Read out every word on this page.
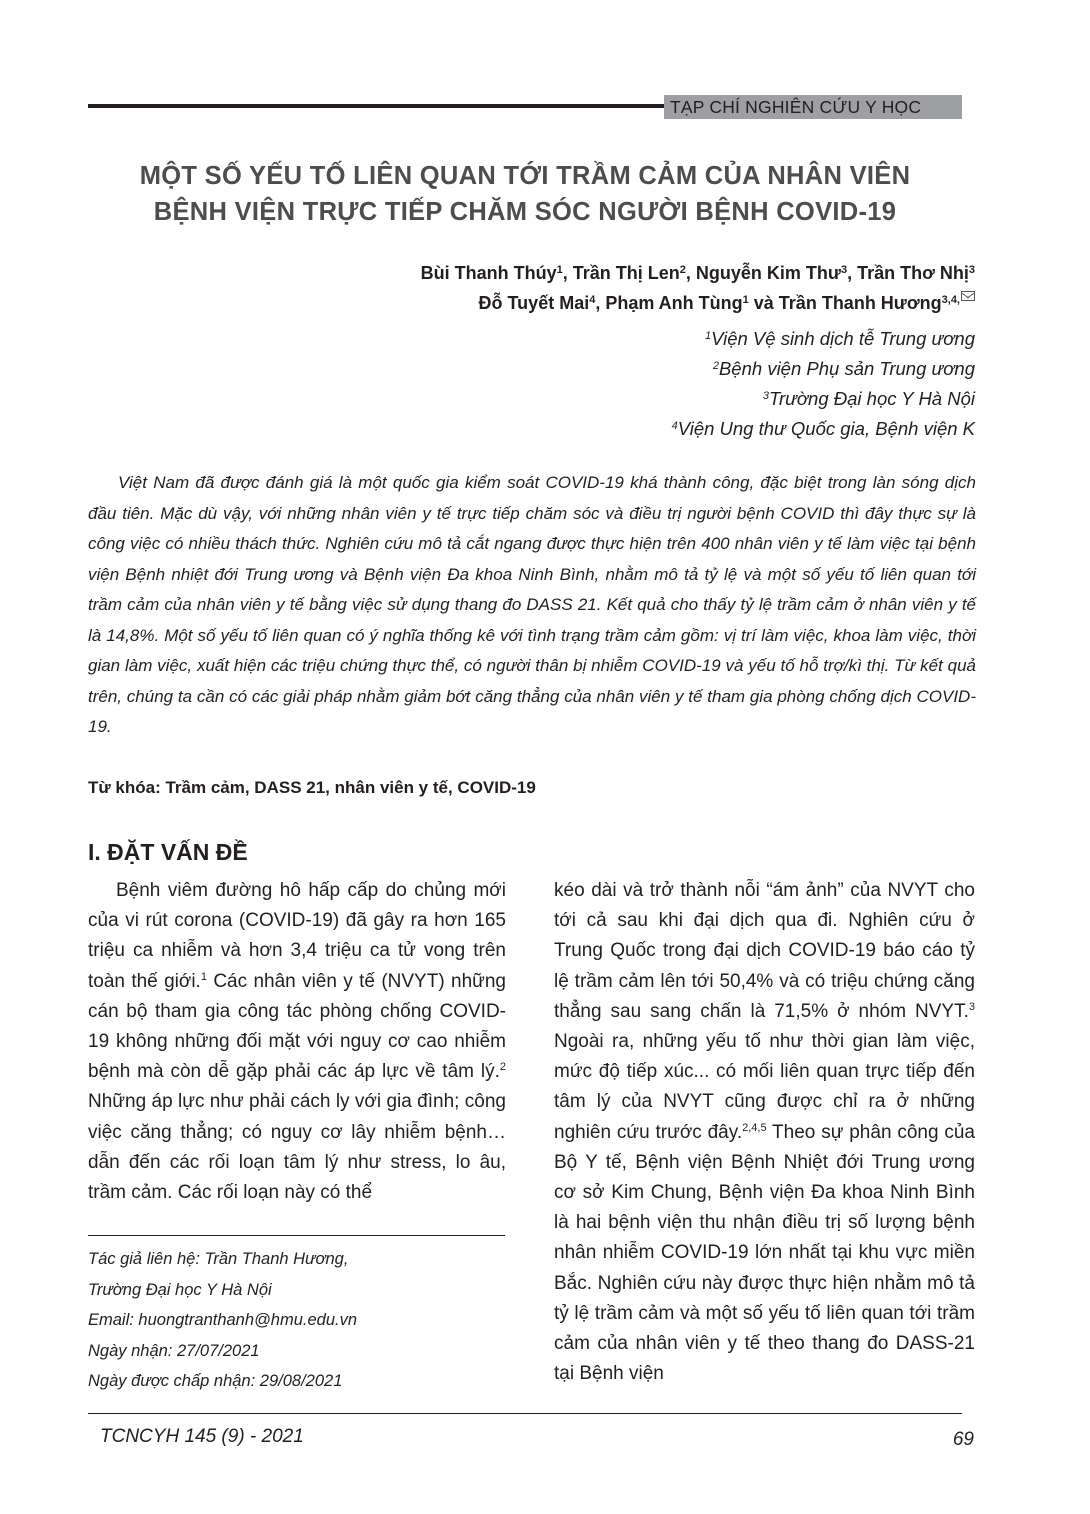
TẠP CHÍ NGHIÊN CỨU Y HỌC
MỘT SỐ YẾU TỐ LIÊN QUAN TỚI TRẦM CẢM CỦA NHÂN VIÊN
BỆNH VIỆN TRỰC TIẾP CHĂM SÓC NGƯỜI BỆNH COVID-19
Bùi Thanh Thúy$^1$, Trần Thị Len$^2$, Nguyễn Kim Thư$^3$, Trần Thơ Nhị$^3$
Đỗ Tuyết Mai$^4$, Phạm Anh Tùng$^1$ và Trần Thanh Hương$^{3,4,}$
$^1$Viện Vệ sinh dịch tễ Trung ương
$^2$Bệnh viện Phụ sản Trung ương
$^3$Trường Đại học Y Hà Nội
$^4$Viện Ung thư Quốc gia, Bệnh viện K
Việt Nam đã được đánh giá là một quốc gia kiểm soát COVID-19 khá thành công, đặc biệt trong làn sóng dịch đầu tiên. Mặc dù vậy, với những nhân viên y tế trực tiếp chăm sóc và điều trị người bệnh COVID thì đây thực sự là công việc có nhiều thách thức. Nghiên cứu mô tả cắt ngang được thực hiện trên 400 nhân viên y tế làm việc tại bệnh viện Bệnh nhiệt đới Trung ương và Bệnh viện Đa khoa Ninh Bình, nhằm mô tả tỷ lệ và một số yếu tố liên quan tới trầm cảm của nhân viên y tế bằng việc sử dụng thang đo DASS 21. Kết quả cho thấy tỷ lệ trầm cảm ở nhân viên y tế là 14,8%. Một số yếu tố liên quan có ý nghĩa thống kê với tình trạng trầm cảm gồm: vị trí làm việc, khoa làm việc, thời gian làm việc, xuất hiện các triệu chứng thực thể, có người thân bị nhiễm COVID-19 và yếu tố hỗ trợ/kì thị. Từ kết quả trên, chúng ta cần có các giải pháp nhằm giảm bớt căng thẳng của nhân viên y tế tham gia phòng chống dịch COVID-19.
Từ khóa: Trầm cảm, DASS 21, nhân viên y tế, COVID-19
I. ĐẶT VẤN ĐỀ
Bệnh viêm đường hô hấp cấp do chủng mới của vi rút corona (COVID-19) đã gây ra hơn 165 triệu ca nhiễm và hơn 3,4 triệu ca tử vong trên toàn thế giới.$^1$ Các nhân viên y tế (NVYT) những cán bộ tham gia công tác phòng chống COVID-19 không những đối mặt với nguy cơ cao nhiễm bệnh mà còn dễ gặp phải các áp lực về tâm lý.$^2$ Những áp lực như phải cách ly với gia đình; công việc căng thẳng; có nguy cơ lây nhiễm bệnh… dẫn đến các rối loạn tâm lý như stress, lo âu, trầm cảm. Các rối loạn này có thể
kéo dài và trở thành nỗi “ám ảnh” của NVYT cho tới cả sau khi đại dịch qua đi. Nghiên cứu ở Trung Quốc trong đại dịch COVID-19 báo cáo tỷ lệ trầm cảm lên tới 50,4% và có triệu chứng căng thẳng sau sang chấn là 71,5% ở nhóm NVYT.$^3$ Ngoài ra, những yếu tố như thời gian làm việc, mức độ tiếp xúc... có mối liên quan trực tiếp đến tâm lý của NVYT cũng được chỉ ra ở những nghiên cứu trước đây.$^{2,4,5}$ Theo sự phân công của Bộ Y tế, Bệnh viện Bệnh Nhiệt đới Trung ương cơ sở Kim Chung, Bệnh viện Đa khoa Ninh Bình là hai bệnh viện thu nhận điều trị số lượng bệnh nhân nhiễm COVID-19 lớn nhất tại khu vực miền Bắc. Nghiên cứu này được thực hiện nhằm mô tả tỷ lệ trầm cảm và một số yếu tố liên quan tới trầm cảm của nhân viên y tế theo thang đo DASS-21 tại Bệnh viện
Tác giả liên hệ: Trần Thanh Hương,
Trường Đại học Y Hà Nội
Email: huongtranthanh@hmu.edu.vn
Ngày nhận: 27/07/2021
Ngày được chấp nhận: 29/08/2021
TCNCYH 145 (9) - 2021	69
